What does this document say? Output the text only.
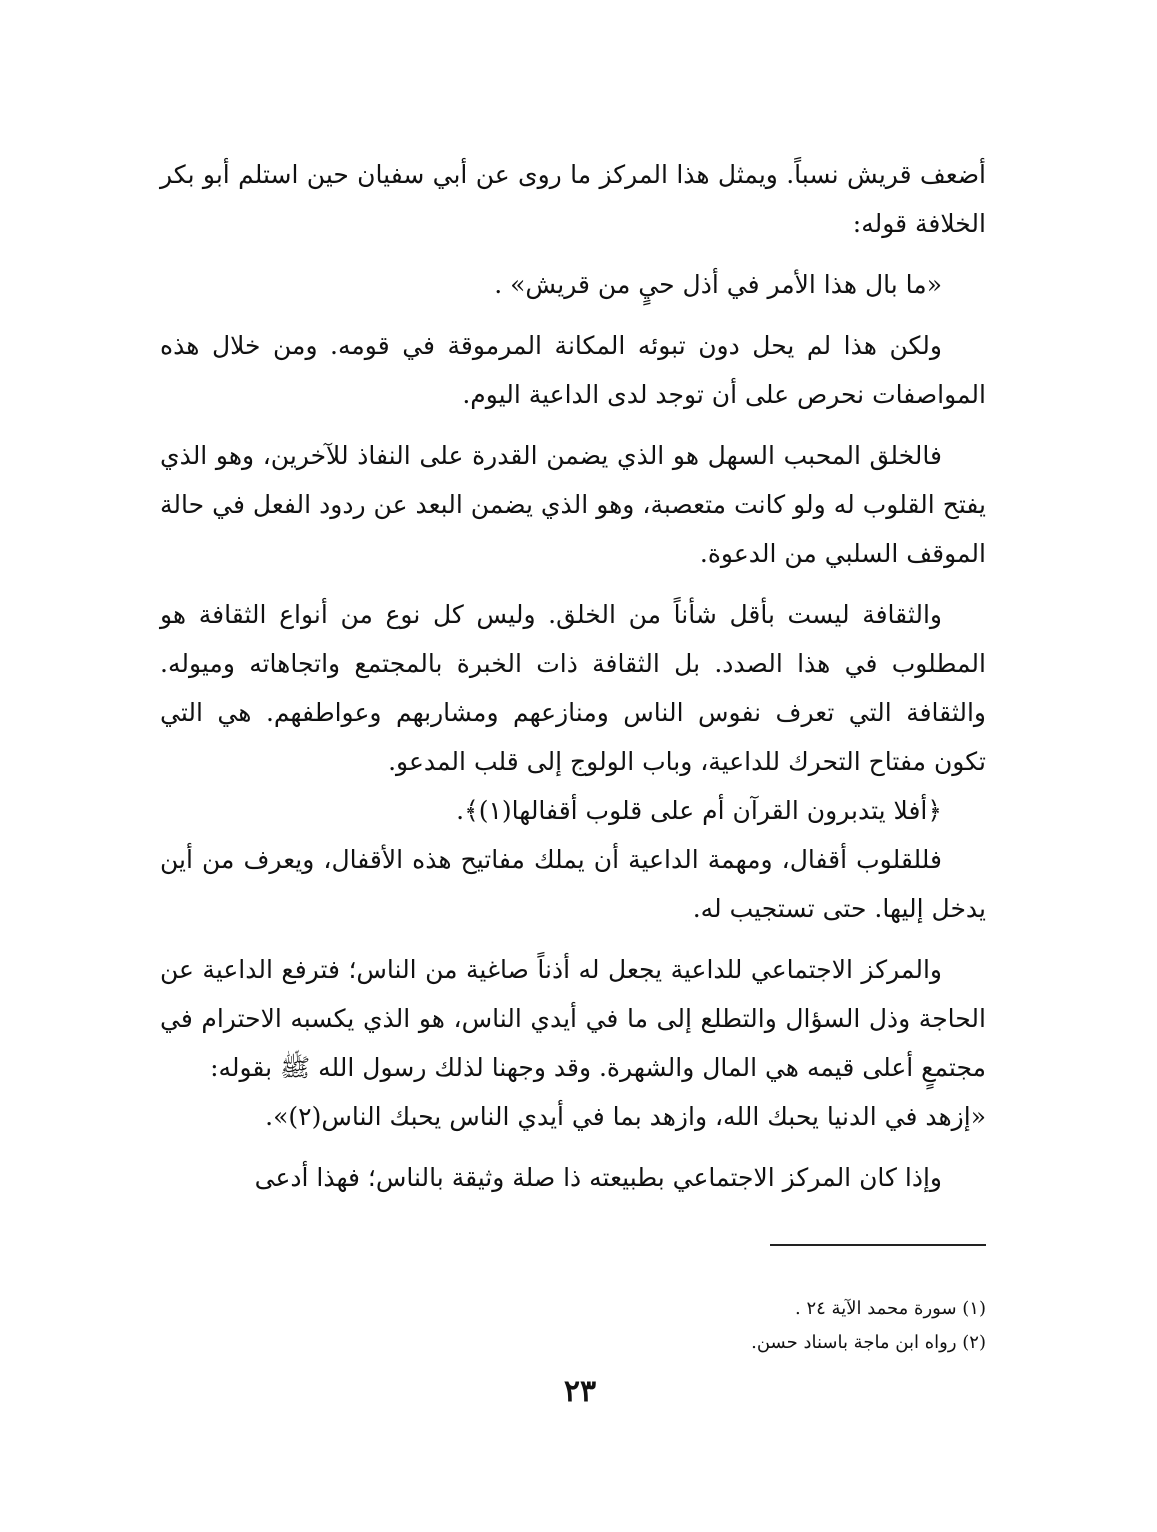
أضعف قريش نسباً. ويمثل هذا المركز ما روى عن أبي سفيان حين استلم أبو بكر الخلافة قوله:

«ما بال هذا الأمر في أذل حيٍ من قريش» .

ولكن هذا لم يحل دون تبوئه المكانة المرموقة في قومه. ومن خلال هذه المواصفات نحرص على أن توجد لدى الداعية اليوم.

فالخلق المحبب السهل هو الذي يضمن القدرة على النفاذ للآخرين، وهو الذي يفتح القلوب له ولو كانت متعصبة، وهو الذي يضمن البعد عن ردود الفعل في حالة الموقف السلبي من الدعوة.

والثقافة ليست بأقل شأناً من الخلق. وليس كل نوع من أنواع الثقافة هو المطلوب في هذا الصدد. بل الثقافة ذات الخبرة بالمجتمع واتجاهاته وميوله. والثقافة التي تعرف نفوس الناس ومنازعهم ومشاربهم وعواطفهم. هي التي تكون مفتاح التحرك للداعية، وباب الولوج إلى قلب المدعو.

﴿أفلا يتدبرون القرآن أم على قلوب أقفالها(١)﴾.

فللقلوب أقفال، ومهمة الداعية أن يملك مفاتيح هذه الأقفال، ويعرف من أين يدخل إليها. حتى تستجيب له.

والمركز الاجتماعي للداعية يجعل له أذناً صاغية من الناس؛ فترفع الداعية عن الحاجة وذل السؤال والتطلع إلى ما في أيدي الناس، هو الذي يكسبه الاحترام في مجتمعٍ أعلى قيمه هي المال والشهرة. وقد وجهنا لذلك رسول الله ﷺ بقوله:

«إزهد في الدنيا يحبك الله، وازهد بما في أيدي الناس يحبك الناس(٢)».

وإذا كان المركز الاجتماعي بطبيعته ذا صلة وثيقة بالناس؛ فهذا أدعى

(١) سورة محمد الآية ٢٤ .

(٢) رواه ابن ماجة باسناد حسن.

٢٣
